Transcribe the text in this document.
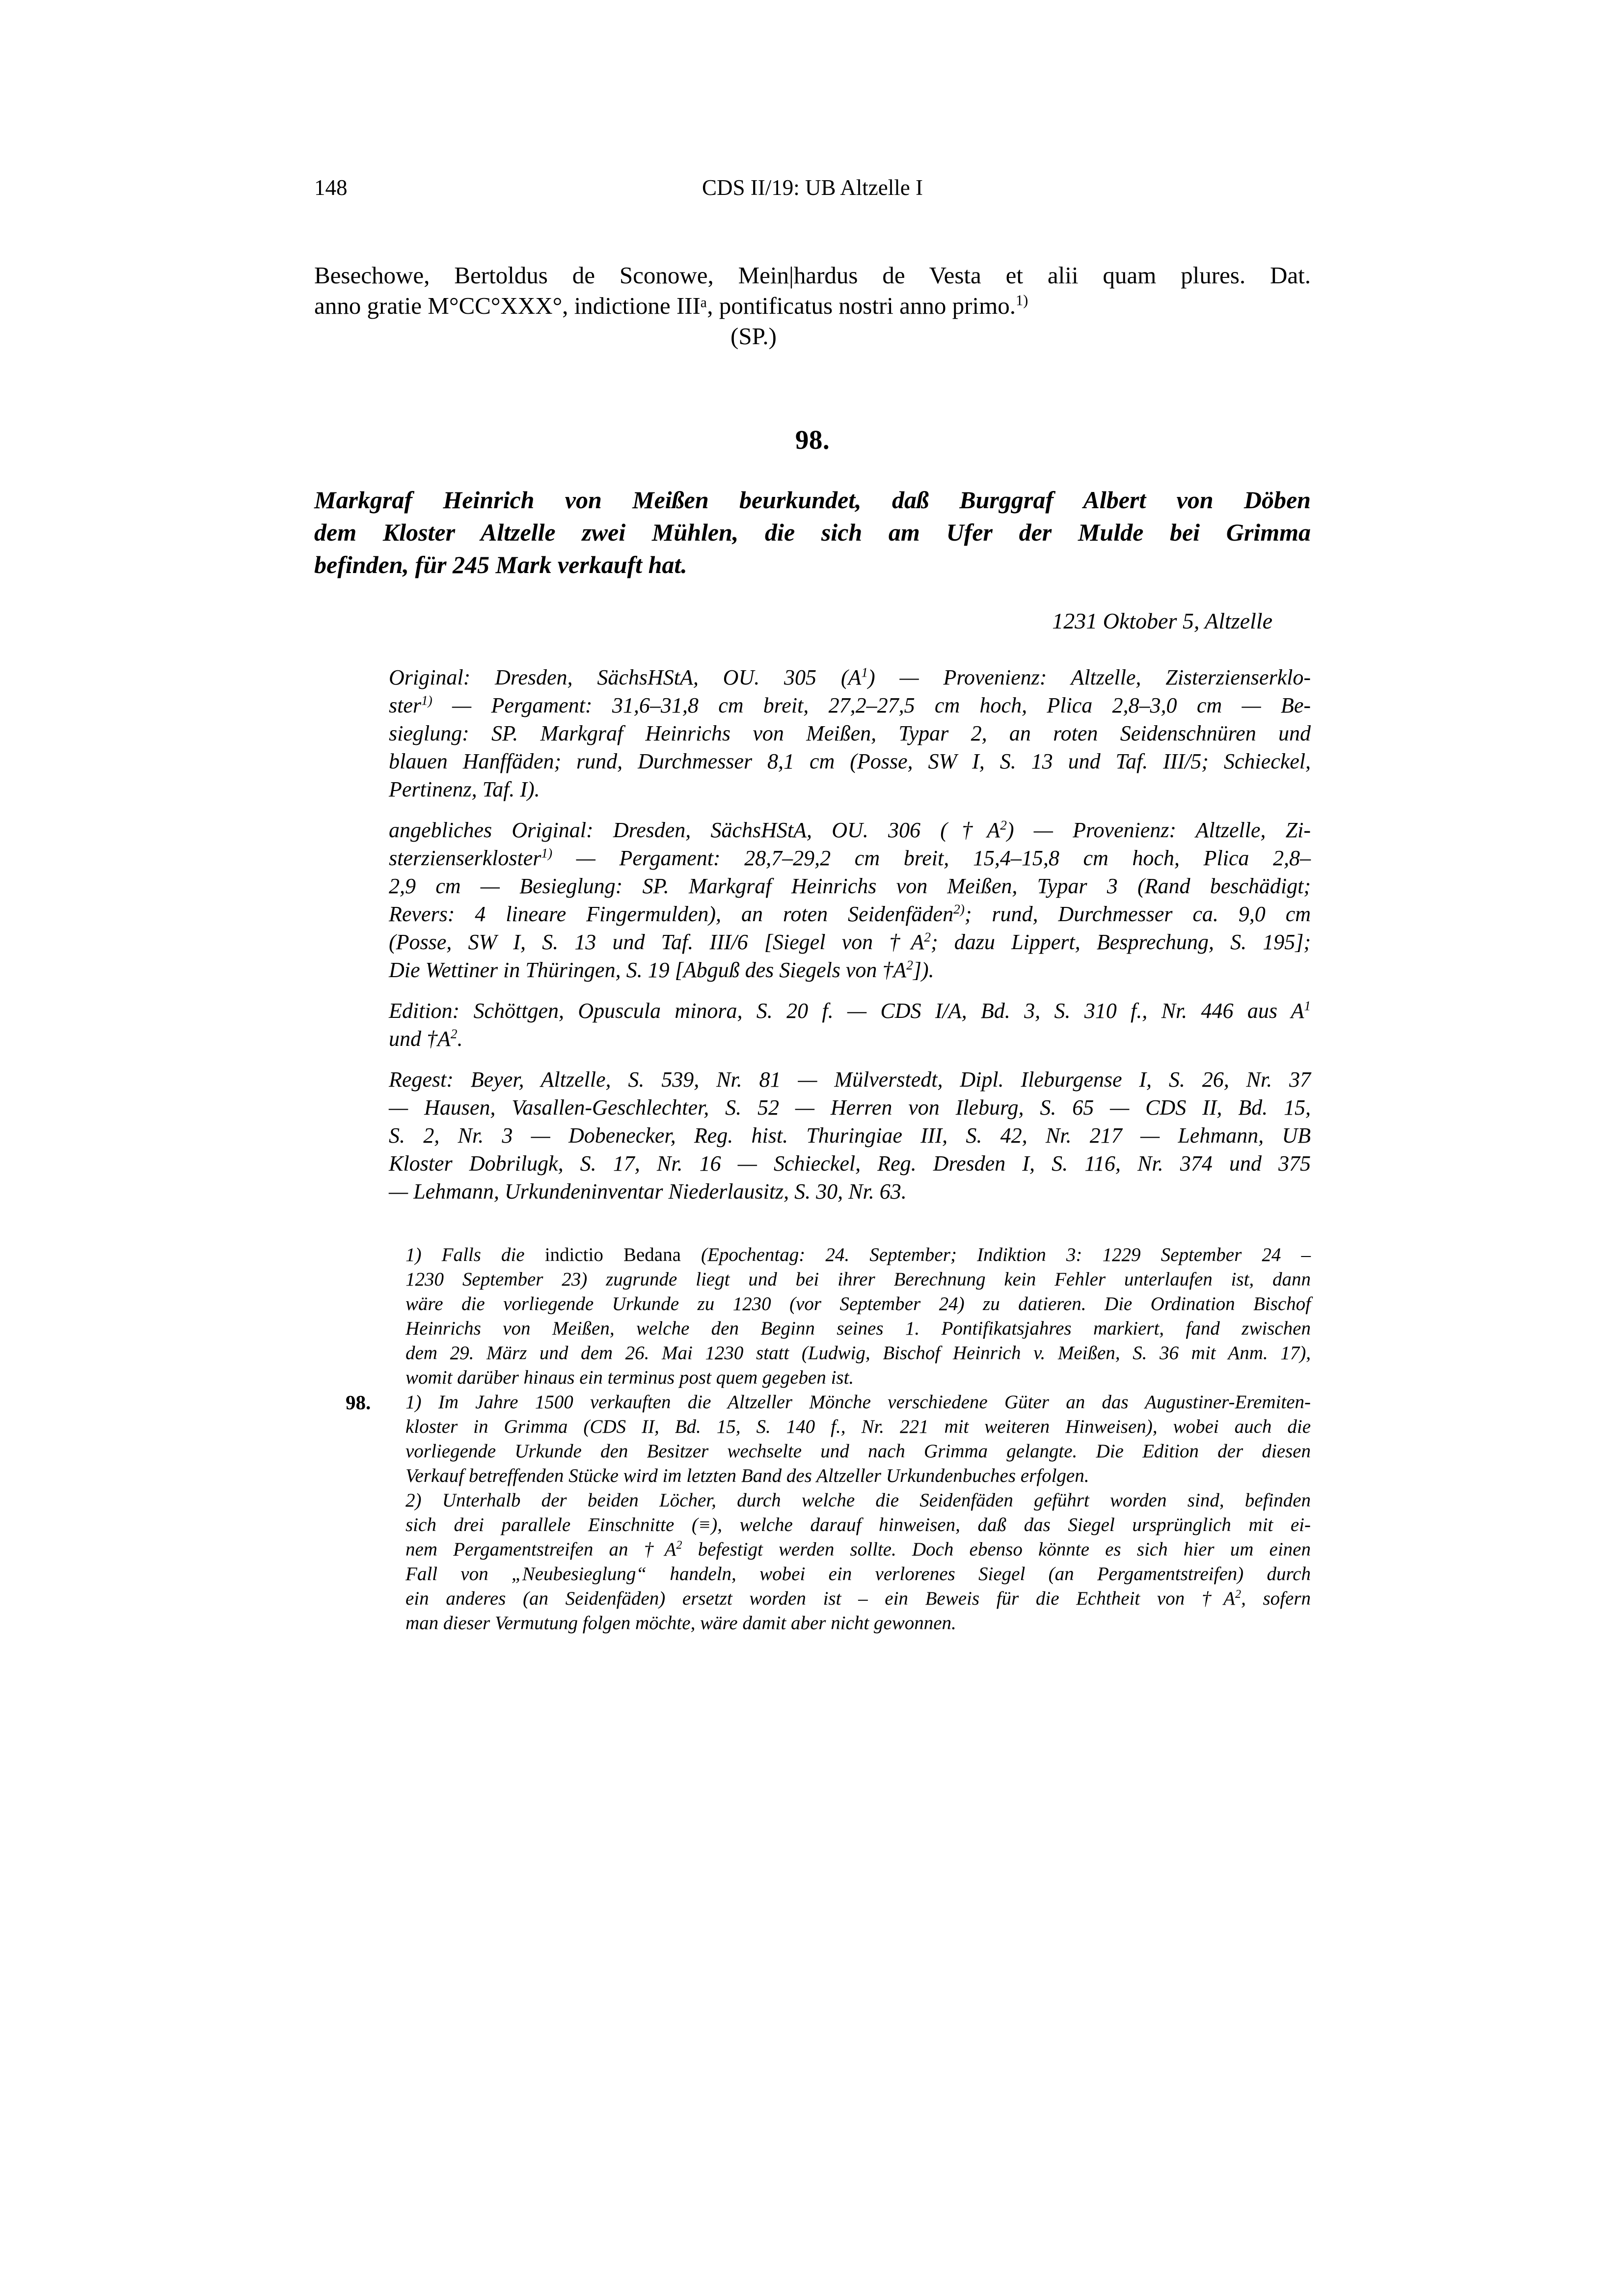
148	CDS II/19: UB Altzelle I
Besechowe, Bertoldus de Sconowe, Mein|hardus de Vesta et alii quam plures. Dat.
anno gratie M°CC°XXX°, indictione IIIᵃ, pontificatus nostri anno primo.$^{1)}$
(SP.)
98.
Markgraf Heinrich von Meißen beurkundet, daß Burggraf Albert von Döben
dem Kloster Altzelle zwei Mühlen, die sich am Ufer der Mulde bei Grimma
befinden, für 245 Mark verkauft hat.
1231 Oktober 5, Altzelle
Original: Dresden, SächsHStA, OU. 305 $(A^1)$ — Provenienz: Altzelle, Zisterzienserklo-
ster$^{1)}$ — Pergament: 31,6–31,8 cm breit, 27,2–27,5 cm hoch, Plica 2,8–3,0 cm — Be-
sieglung: SP. Markgraf Heinrichs von Meißen, Typar 2, an roten Seidenschnüren und
blauen Hanffäden; rund, Durchmesser 8,1 cm (Posse, SW I, S. 13 und Taf. III/5; Schieckel,
Pertinenz, Taf. I).
angebliches Original: Dresden, SächsHStA, OU. 306 $(\dagger A^2)$ — Provenienz: Altzelle, Zi-
sterzienserkloster$^{1)}$ — Pergament: 28,7–29,2 cm breit, 15,4–15,8 cm hoch, Plica 2,8–
2,9 cm — Besieglung: SP. Markgraf Heinrichs von Meißen, Typar 3 (Rand beschädigt;
Revers: 4 lineare Fingermulden), an roten Seidenfäden$^{2)}$; rund, Durchmesser ca. 9,0 cm
(Posse, SW I, S. 13 und Taf. III/6 [Siegel von $\dagger A^2$; dazu Lippert, Besprechung, S. 195];
Die Wettiner in Thüringen, S. 19 [Abguß des Siegels von $\dagger A^2$]).
Edition: Schöttgen, Opuscula minora, S. 20 f. — CDS I/A, Bd. 3, S. 310 f., Nr. 446 aus $A^1$
und $\dagger A^2$.
Regest: Beyer, Altzelle, S. 539, Nr. 81 — Mülverstedt, Dipl. Ileburgense I, S. 26, Nr. 37
— Hausen, Vasallen-Geschlechter, S. 52 — Herren von Ileburg, S. 65 — CDS II, Bd. 15,
S. 2, Nr. 3 — Dobenecker, Reg. hist. Thuringiae III, S. 42, Nr. 217 — Lehmann, UB
Kloster Dobrilugk, S. 17, Nr. 16 — Schieckel, Reg. Dresden I, S. 116, Nr. 374 und 375
— Lehmann, Urkundeninventar Niederlausitz, S. 30, Nr. 63.
1) Falls die indictio Bedana (Epochentag: 24. September; Indiktion 3: 1229 September 24 –
1230 September 23) zugrunde liegt und bei ihrer Berechnung kein Fehler unterlaufen ist, dann
wäre die vorliegende Urkunde zu 1230 (vor September 24) zu datieren. Die Ordination Bischof
Heinrichs von Meißen, welche den Beginn seines 1. Pontifikatsjahres markiert, fand zwischen
dem 29. März und dem 26. Mai 1230 statt (Ludwig, Bischof Heinrich v. Meißen, S. 36 mit Anm. 17),
womit darüber hinaus ein terminus post quem gegeben ist.
98. 1) Im Jahre 1500 verkauften die Altzeller Mönche verschiedene Güter an das Augustiner-Eremiten-
kloster in Grimma (CDS II, Bd. 15, S. 140 f., Nr. 221 mit weiteren Hinweisen), wobei auch die
vorliegende Urkunde den Besitzer wechselte und nach Grimma gelangte. Die Edition der diesen
Verkauf betreffenden Stücke wird im letzten Band des Altzeller Urkundenbuches erfolgen.
2) Unterhalb der beiden Löcher, durch welche die Seidenfäden geführt worden sind, befinden
sich drei parallele Einschnitte (≡), welche darauf hinweisen, daß das Siegel ursprünglich mit ei-
nem Pergamentstreifen an $\dagger A^2$ befestigt werden sollte. Doch ebenso könnte es sich hier um einen
Fall von „Neubesieglung“ handeln, wobei ein verlorenes Siegel (an Pergamentstreifen) durch
ein anderes (an Seidenfäden) ersetzt worden ist – ein Beweis für die Echtheit von $\dagger A^2$, sofern
man dieser Vermutung folgen möchte, wäre damit aber nicht gewonnen.
